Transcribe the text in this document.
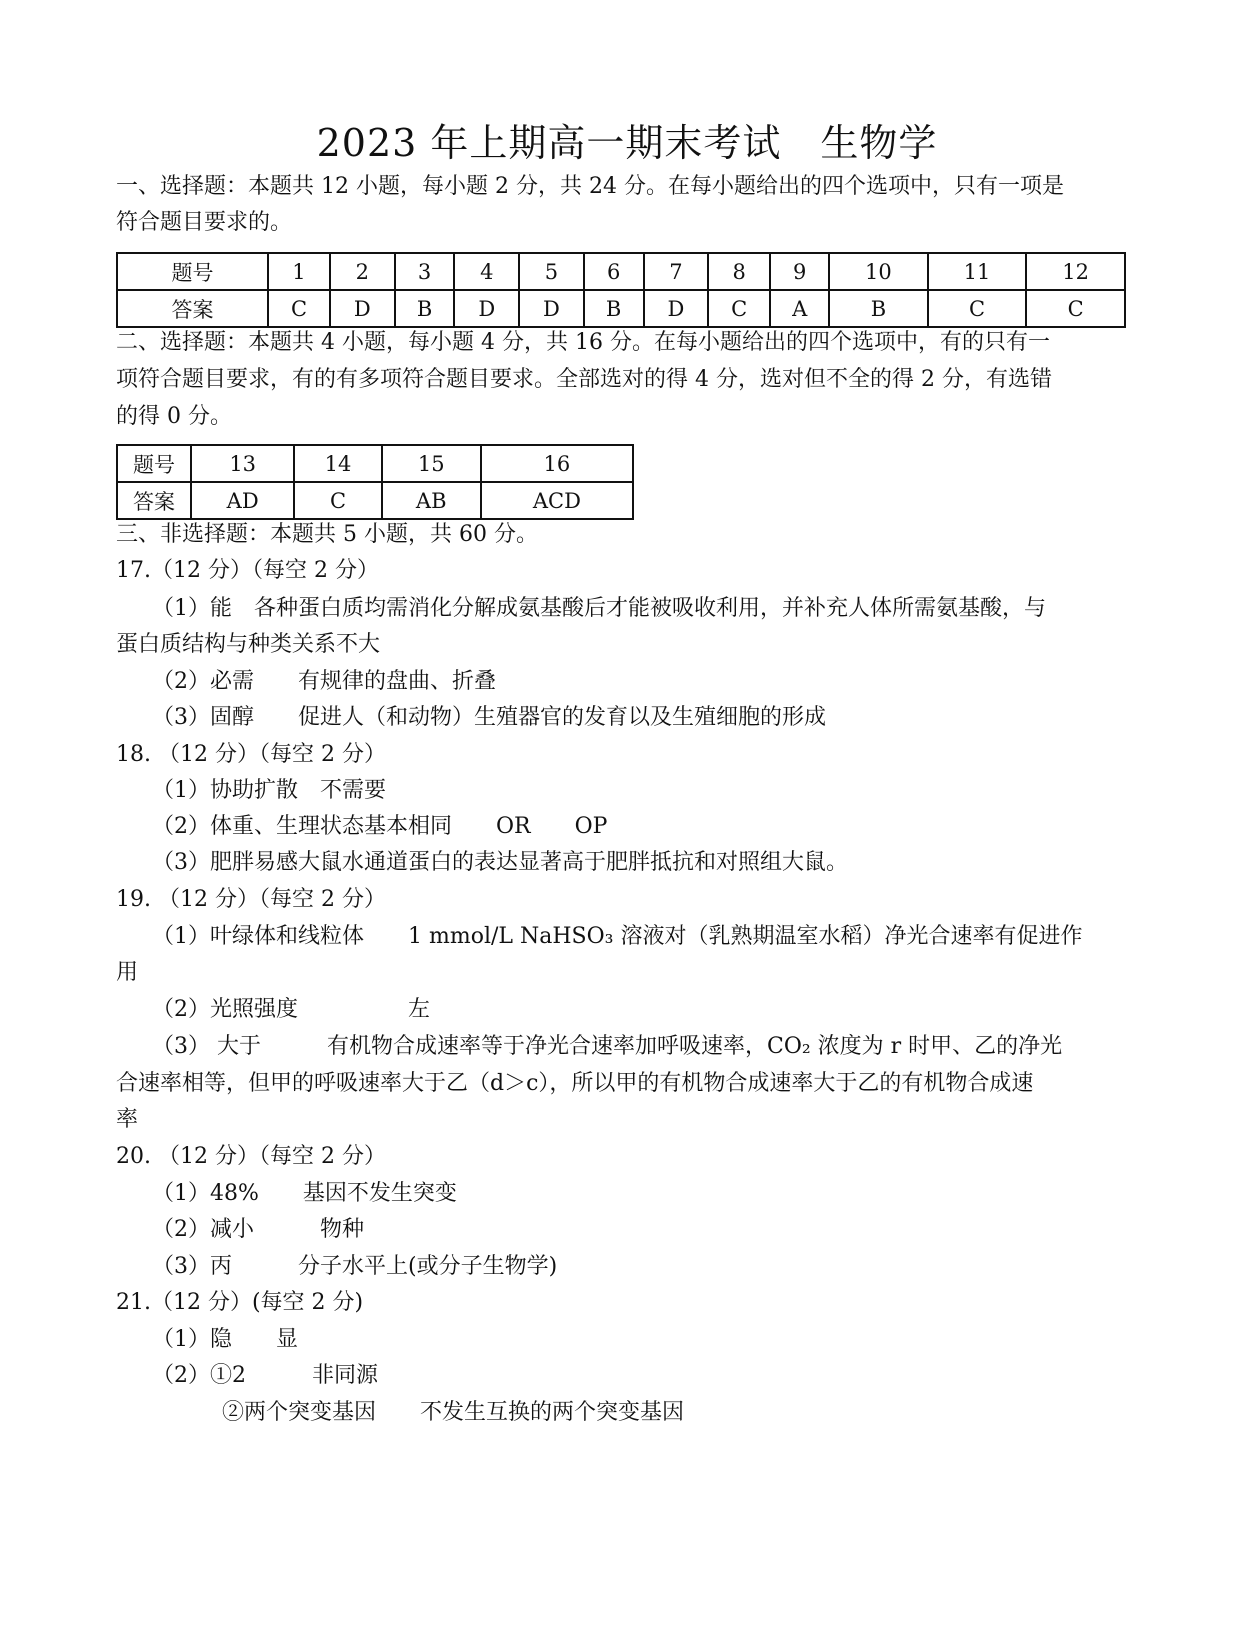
2023 年上期高一期末考试　生物学
一、选择题：本题共 12 小题，每小题 2 分，共 24 分。在每小题给出的四个选项中，只有一项是
符合题目要求的。
题号	1	2	3	4	5	6	7	8	9	10	11	12
答案	C	D	B	D	D	B	D	C	A	B	C	C
二、选择题：本题共 4 小题，每小题 4 分，共 16 分。在每小题给出的四个选项中，有的只有一
项符合题目要求，有的有多项符合题目要求。全部选对的得 4 分，选对但不全的得 2 分，有选错
的得 0 分。
题号	13	14	15	16
答案	AD	C	AB	ACD
三、非选择题：本题共 5 小题，共 60 分。
17.（12 分）（每空 2 分）
（1）能　各种蛋白质均需消化分解成氨基酸后才能被吸收利用，并补充人体所需氨基酸，与
蛋白质结构与种类关系不大
（2）必需　　有规律的盘曲、折叠
（3）固醇　　促进人（和动物）生殖器官的发育以及生殖细胞的形成
18. （12 分）（每空 2 分）
（1）协助扩散　不需要
（2）体重、生理状态基本相同　　OR　　OP
（3）肥胖易感大鼠水通道蛋白的表达显著高于肥胖抵抗和对照组大鼠。
19. （12 分）（每空 2 分）
（1）叶绿体和线粒体　　1 mmol/L NaHSO₃ 溶液对（乳熟期温室水稻）净光合速率有促进作
用
（2）光照强度　　　　　左
（3） 大于　　　有机物合成速率等于净光合速率加呼吸速率，CO₂ 浓度为 r 时甲、乙的净光
合速率相等，但甲的呼吸速率大于乙（d＞c），所以甲的有机物合成速率大于乙的有机物合成速
率
20. （12 分）（每空 2 分）
（1）48%　　基因不发生突变
（2）减小　　　物种
（3）丙　　　分子水平上(或分子生物学)
21.（12 分）(每空 2 分)
（1）隐　　显
（2）①2　　　非同源
②两个突变基因　　不发生互换的两个突变基因
